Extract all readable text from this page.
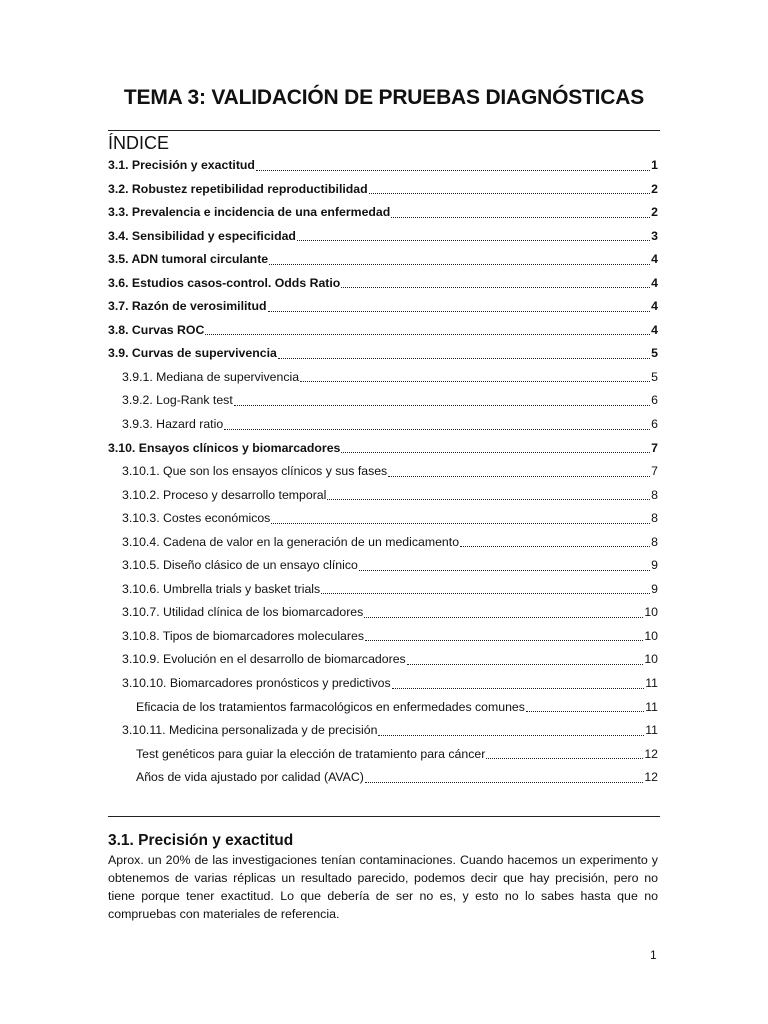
TEMA 3: VALIDACIÓN DE PRUEBAS DIAGNÓSTICAS
ÍNDICE
3.1. Precisión y exactitud	1
3.2. Robustez repetibilidad reproductibilidad	2
3.3. Prevalencia e incidencia de una enfermedad	2
3.4. Sensibilidad y especificidad	3
3.5. ADN tumoral circulante	4
3.6. Estudios casos-control. Odds Ratio	4
3.7. Razón de verosimilitud	4
3.8. Curvas ROC	4
3.9. Curvas de supervivencia	5
3.9.1. Mediana de supervivencia	5
3.9.2. Log-Rank test	6
3.9.3. Hazard ratio	6
3.10. Ensayos clínicos y biomarcadores	7
3.10.1. Que son los ensayos clínicos y sus fases	7
3.10.2. Proceso y desarrollo temporal	8
3.10.3. Costes económicos	8
3.10.4. Cadena de valor en la generación de un medicamento	8
3.10.5. Diseño clásico de un ensayo clínico	9
3.10.6. Umbrella trials y basket trials	9
3.10.7. Utilidad clínica de los biomarcadores	10
3.10.8. Tipos de biomarcadores moleculares	10
3.10.9. Evolución en el desarrollo de biomarcadores	10
3.10.10. Biomarcadores pronósticos y predictivos	11
Eficacia de los tratamientos farmacológicos en enfermedades comunes	11
3.10.11. Medicina personalizada y de precisión	11
Test genéticos para guiar la elección de tratamiento para cáncer	12
Años de vida ajustado por calidad (AVAC)	12
3.1. Precisión y exactitud

Aprox. un 20% de las investigaciones tenían contaminaciones. Cuando hacemos un experimento y obtenemos de varias réplicas un resultado parecido, podemos decir que hay precisión, pero no tiene porque tener exactitud. Lo que debería de ser no es, y esto no lo sabes hasta que no compruebas con materiales de referencia.

1
